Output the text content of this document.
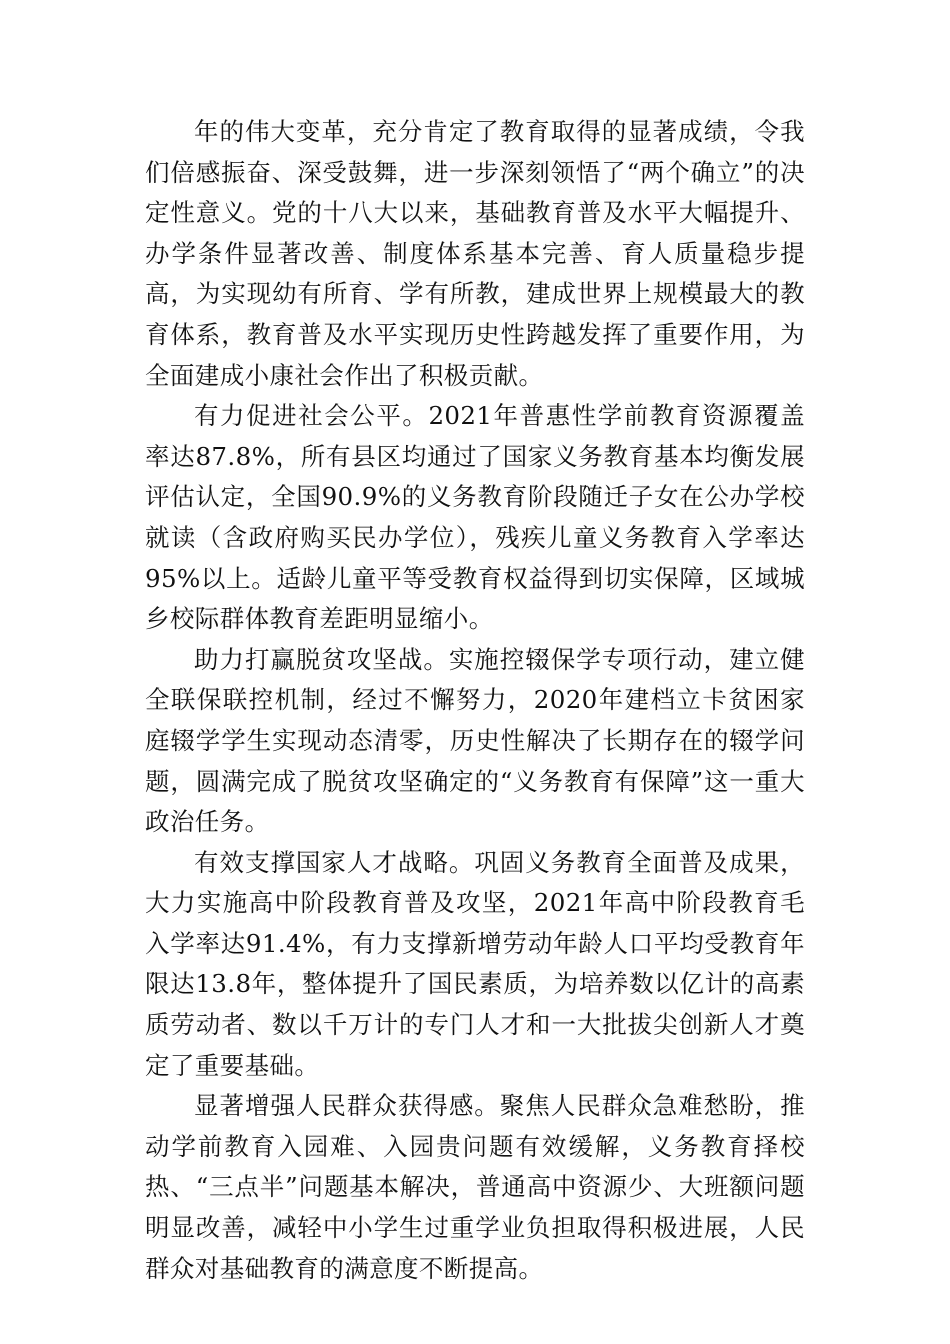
年的伟大变革，充分肯定了教育取得的显著成绩，令我们倍感振奋、深受鼓舞，进一步深刻领悟了“两个确立”的决定性意义。党的十八大以来，基础教育普及水平大幅提升、办学条件显著改善、制度体系基本完善、育人质量稳步提高，为实现幼有所育、学有所教，建成世界上规模最大的教育体系，教育普及水平实现历史性跨越发挥了重要作用，为全面建成小康社会作出了积极贡献。

有力促进社会公平。2021年普惠性学前教育资源覆盖率达87.8%，所有县区均通过了国家义务教育基本均衡发展评估认定，全国90.9%的义务教育阶段随迁子女在公办学校就读（含政府购买民办学位），残疾儿童义务教育入学率达95%以上。适龄儿童平等受教育权益得到切实保障，区域城乡校际群体教育差距明显缩小。

助力打赢脱贫攻坚战。实施控辍保学专项行动，建立健全联保联控机制，经过不懈努力，2020年建档立卡贫困家庭辍学学生实现动态清零，历史性解决了长期存在的辍学问题，圆满完成了脱贫攻坚确定的“义务教育有保障”这一重大政治任务。

有效支撑国家人才战略。巩固义务教育全面普及成果，大力实施高中阶段教育普及攻坚，2021年高中阶段教育毛入学率达91.4%，有力支撑新增劳动年龄人口平均受教育年限达13.8年，整体提升了国民素质，为培养数以亿计的高素质劳动者、数以千万计的专门人才和一大批拔尖创新人才奠定了重要基础。

显著增强人民群众获得感。聚焦人民群众急难愁盼，推动学前教育入园难、入园贵问题有效缓解，义务教育择校热、“三点半”问题基本解决，普通高中资源少、大班额问题明显改善，减轻中小学生过重学业负担取得积极进展，人民群众对基础教育的满意度不断提高。
